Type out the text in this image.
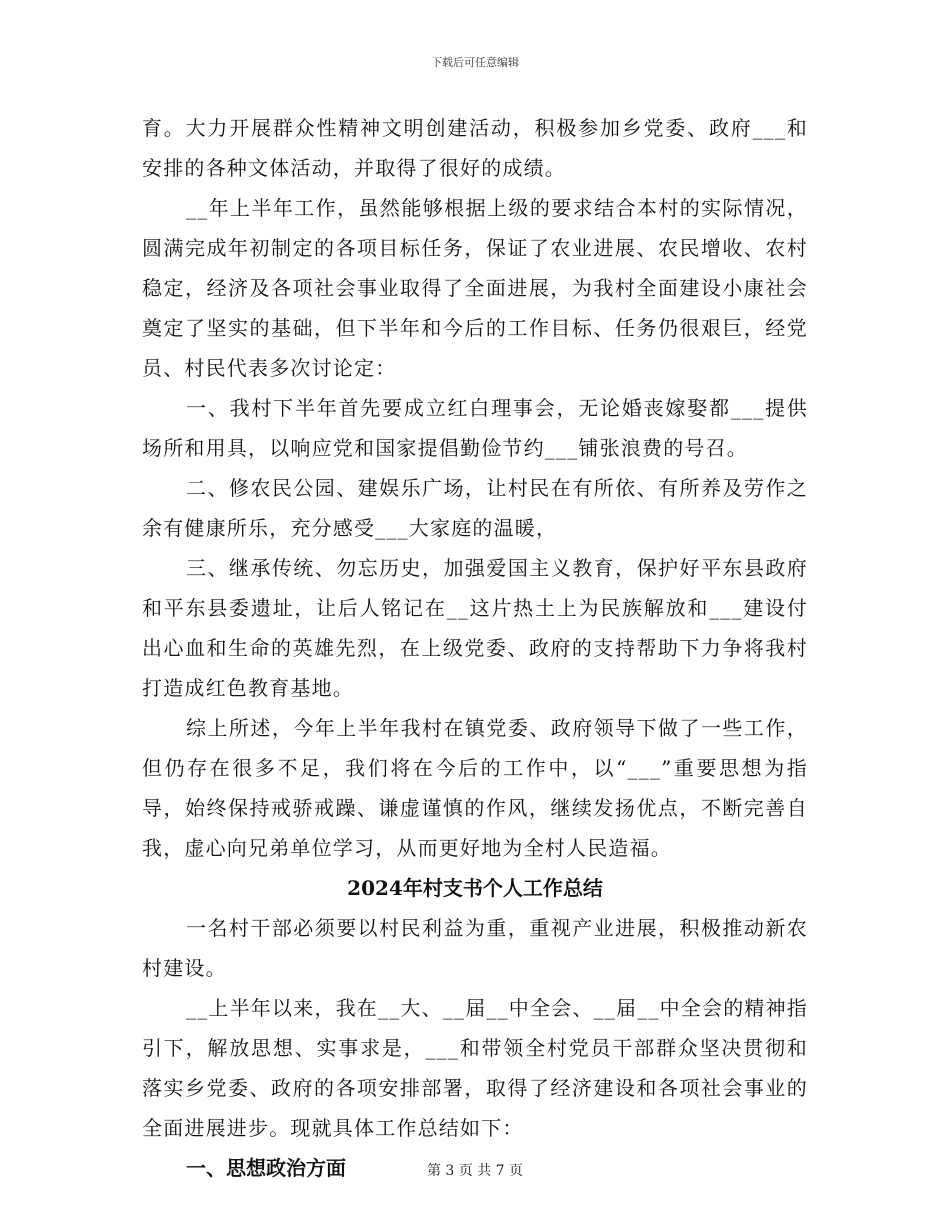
下载后可任意编辑

育。大力开展群众性精神文明创建活动，积极参加乡党委、政府___和安排的各种文体活动，并取得了很好的成绩。

__年上半年工作，虽然能够根据上级的要求结合本村的实际情况，圆满完成年初制定的各项目标任务，保证了农业进展、农民增收、农村稳定，经济及各项社会事业取得了全面进展，为我村全面建设小康社会奠定了坚实的基础，但下半年和今后的工作目标、任务仍很艰巨，经党员、村民代表多次讨论定：

一、我村下半年首先要成立红白理事会，无论婚丧嫁娶都___提供场所和用具，以响应党和国家提倡勤俭节约___铺张浪费的号召。

二、修农民公园、建娱乐广场，让村民在有所依、有所养及劳作之余有健康所乐，充分感受___大家庭的温暖，

三、继承传统、勿忘历史，加强爱国主义教育，保护好平东县政府和平东县委遗址，让后人铭记在__这片热土上为民族解放和___建设付出心血和生命的英雄先烈，在上级党委、政府的支持帮助下力争将我村打造成红色教育基地。

综上所述，今年上半年我村在镇党委、政府领导下做了一些工作，但仍存在很多不足，我们将在今后的工作中，以“___”重要思想为指导，始终保持戒骄戒躁、谦虚谨慎的作风，继续发扬优点，不断完善自我，虚心向兄弟单位学习，从而更好地为全村人民造福。

2024年村支书个人工作总结

一名村干部必须要以村民利益为重，重视产业进展，积极推动新农村建设。

__上半年以来，我在__大、__届__中全会、__届__中全会的精神指引下，解放思想、实事求是，___和带领全村党员干部群众坚决贯彻和落实乡党委、政府的各项安排部署，取得了经济建设和各项社会事业的全面进展进步。现就具体工作总结如下：

一、思想政治方面	第 3 页 共 7 页
